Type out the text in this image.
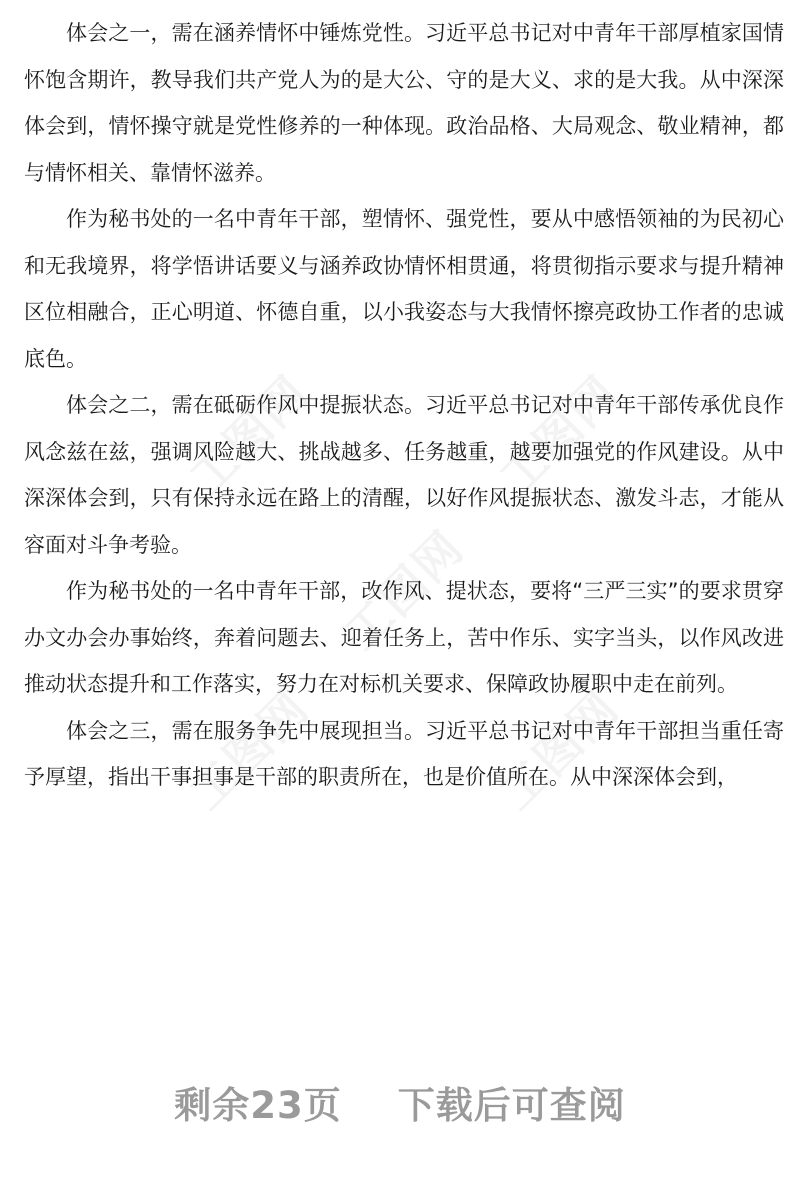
工图网	工图网
工图网
工图网	工图网

体会之一，需在涵养情怀中锤炼党性。习近平总书记对中青年干部厚植家国情怀饱含期许，教导我们共产党人为的是大公、守的是大义、求的是大我。从中深深体会到，情怀操守就是党性修养的一种体现。政治品格、大局观念、敬业精神，都与情怀相关、靠情怀滋养。

作为秘书处的一名中青年干部，塑情怀、强党性，要从中感悟领袖的为民初心和无我境界，将学悟讲话要义与涵养政协情怀相贯通，将贯彻指示要求与提升精神区位相融合，正心明道、怀德自重，以小我姿态与大我情怀擦亮政协工作者的忠诚底色。

体会之二，需在砥砺作风中提振状态。习近平总书记对中青年干部传承优良作风念兹在兹，强调风险越大、挑战越多、任务越重，越要加强党的作风建设。从中深深体会到，只有保持永远在路上的清醒，以好作风提振状态、激发斗志，才能从容面对斗争考验。

作为秘书处的一名中青年干部，改作风、提状态，要将“三严三实”的要求贯穿办文办会办事始终，奔着问题去、迎着任务上，苦中作乐、实字当头，以作风改进推动状态提升和工作落实，努力在对标机关要求、保障政协履职中走在前列。

体会之三，需在服务争先中展现担当。习近平总书记对中青年干部担当重任寄予厚望，指出干事担事是干部的职责所在，也是价值所在。从中深深体会到，

剩余23页 下载后可查阅
